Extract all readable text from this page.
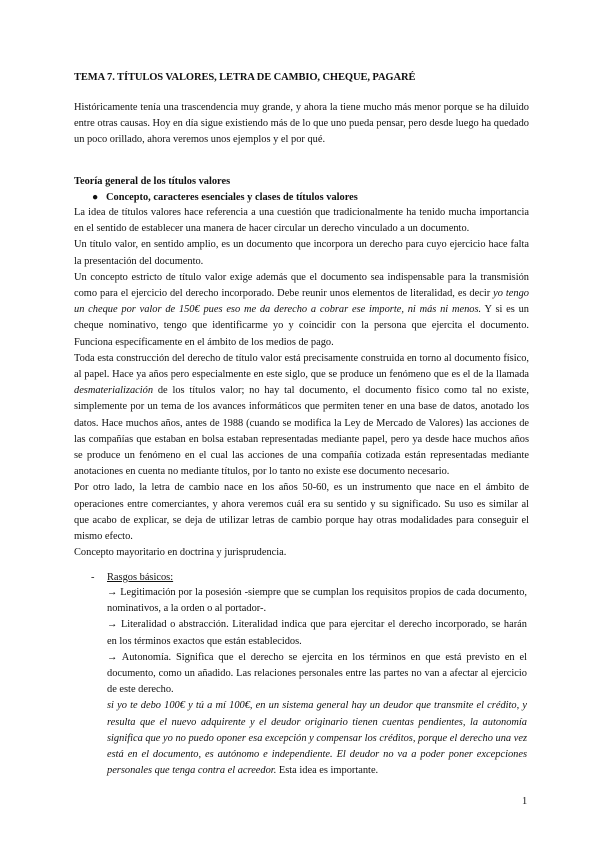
TEMA 7. TÍTULOS VALORES, LETRA DE CAMBIO, CHEQUE, PAGARÉ
Históricamente tenía una trascendencia muy grande, y ahora la tiene mucho más menor porque se ha diluido entre otras causas. Hoy en día sigue existiendo más de lo que uno pueda pensar, pero desde luego ha quedado un poco orillado, ahora veremos unos ejemplos y el por qué.
Teoría general de los títulos valores
● Concepto, caracteres esenciales y clases de títulos valores

La idea de títulos valores hace referencia a una cuestión que tradicionalmente ha tenido mucha importancia en el sentido de establecer una manera de hacer circular un derecho vinculado a un documento.

Un título valor, en sentido amplio, es un documento que incorpora un derecho para cuyo ejercicio hace falta la presentación del documento.

Un concepto estricto de título valor exige además que el documento sea indispensable para la transmisión como para el ejercicio del derecho incorporado. Debe reunir unos elementos de literalidad, es decir yo tengo un cheque por valor de 150€ pues eso me da derecho a cobrar ese importe, ni más ni menos. Y si es un cheque nominativo, tengo que identificarme yo y coincidir con la persona que ejercita el documento. Funciona específicamente en el ámbito de los medios de pago.

Toda esta construcción del derecho de título valor está precisamente construida en torno al documento físico, al papel. Hace ya años pero especialmente en este siglo, que se produce un fenómeno que es el de la llamada desmaterialización de los títulos valor; no hay tal documento, el documento físico como tal no existe, simplemente por un tema de los avances informáticos que permiten tener en una base de datos, anotado los datos. Hace muchos años, antes de 1988 (cuando se modifica la Ley de Mercado de Valores) las acciones de las compañías que estaban en bolsa estaban representadas mediante papel, pero ya desde hace muchos años se produce un fenómeno en el cual las acciones de una compañía cotizada están representadas mediante anotaciones en cuenta no mediante títulos, por lo tanto no existe ese documento necesario.

Por otro lado, la letra de cambio nace en los años 50-60, es un instrumento que nace en el ámbito de operaciones entre comerciantes, y ahora veremos cuál era su sentido y su significado. Su uso es similar al que acabo de explicar, se deja de utilizar letras de cambio porque hay otras modalidades para conseguir el mismo efecto.

Concepto mayoritario en doctrina y jurisprudencia.

- Rasgos básicos:

→ Legitimación por la posesión -siempre que se cumplan los requisitos propios de cada documento, nominativos, a la orden o al portador-.

→ Literalidad o abstracción. Literalidad indica que para ejercitar el derecho incorporado, se harán en los términos exactos que están establecidos.

→ Autonomía. Significa que el derecho se ejercita en los términos en que está previsto en el documento, como un añadido. Las relaciones personales entre las partes no van a afectar al ejercicio de este derecho.

si yo te debo 100€ y tú a mí 100€, en un sistema general hay un deudor que transmite el crédito, y resulta que el nuevo adquirente y el deudor originario tienen cuentas pendientes, la autonomía significa que yo no puedo oponer esa excepción y compensar los créditos, porque el derecho una vez está en el documento, es autónomo e independiente. El deudor no va a poder poner excepciones personales que tenga contra el acreedor. Esta idea es importante.

1
